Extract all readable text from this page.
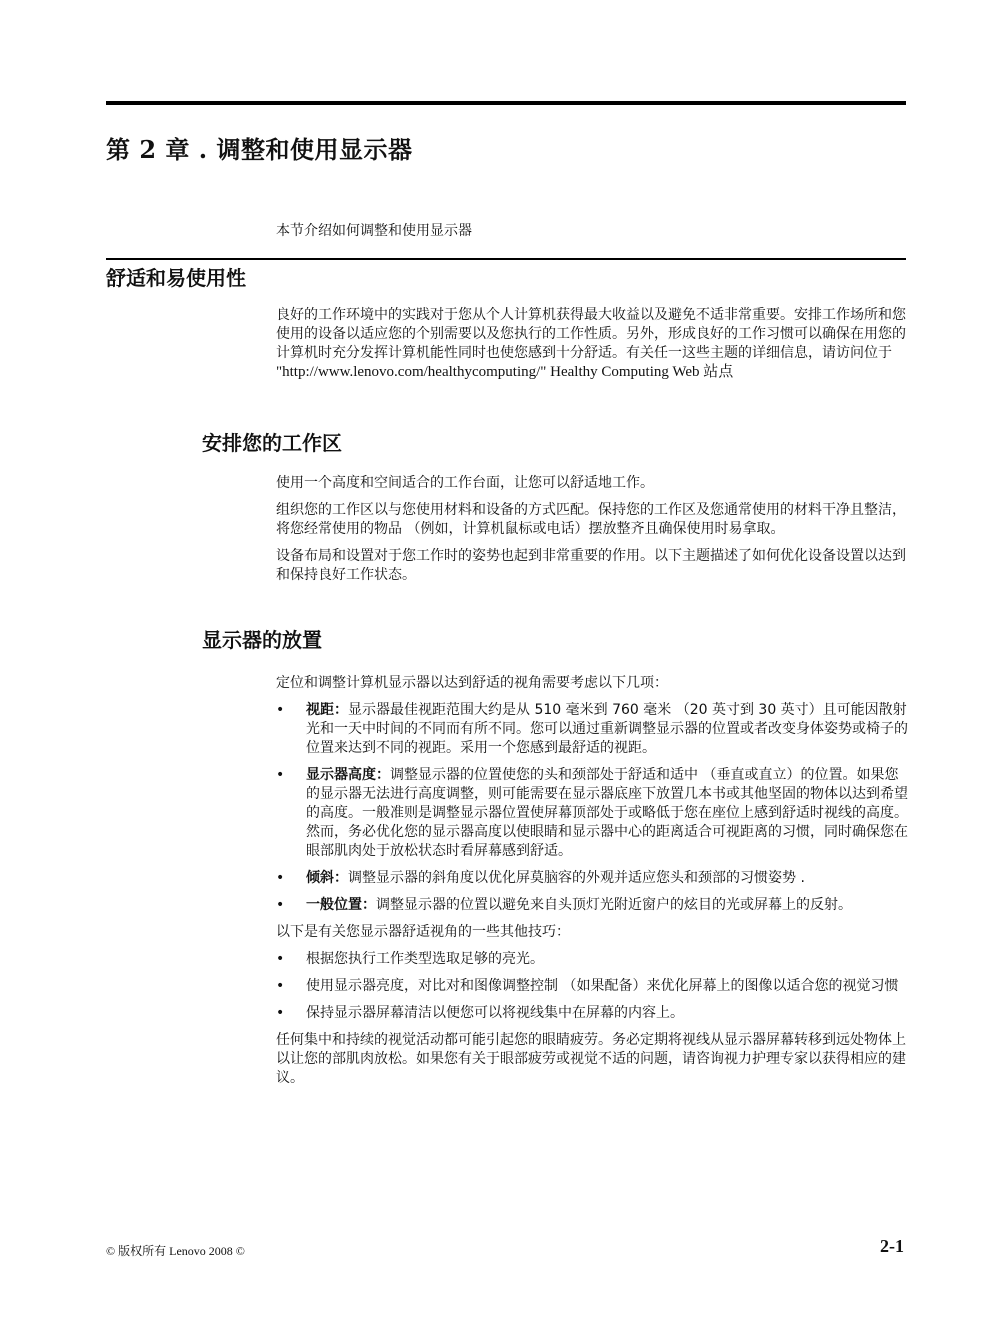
第 2 章 . 调整和使用显示器

本节介绍如何调整和使用显示器

舒适和易使用性

良好的工作环境中的实践对于您从个人计算机获得最大收益以及避免不适非常重要。安排工作场所和您使用的设备以适应您的个别需要以及您执行的工作性质。另外，形成良好的工作习惯可以确保在用您的计算机时充分发挥计算机能性同时也使您感到十分舒适。有关任一这些主题的详细信息，请访问位于

"http://www.lenovo.com/healthycomputing/" Healthy Computing Web 站点

安排您的工作区

使用一个高度和空间适合的工作台面，让您可以舒适地工作。

组织您的工作区以与您使用材料和设备的方式匹配。保持您的工作区及您通常使用的材料干净且整洁，将您经常使用的物品 （例如，计算机鼠标或电话）摆放整齐且确保使用时易拿取。

设备布局和设置对于您工作时的姿势也起到非常重要的作用。以下主题描述了如何优化设备设置以达到和保持良好工作状态。

显示器的放置

定位和调整计算机显示器以达到舒适的视角需要考虑以下几项：

• 视距：显示器最佳视距范围大约是从 510 毫米到 760 毫米 （20 英寸到 30 英寸）且可能因散射光和一天中时间的不同而有所不同。您可以通过重新调整显示器的位置或者改变身体姿势或椅子的位置来达到不同的视距。采用一个您感到最舒适的视距。
• 显示器高度：调整显示器的位置使您的头和颈部处于舒适和适中 （垂直或直立）的位置。如果您的显示器无法进行高度调整，则可能需要在显示器底座下放置几本书或其他坚固的物体以达到希望的高度。一般准则是调整显示器位置使屏幕顶部处于或略低于您在座位上感到舒适时视线的高度。然而，务必优化您的显示器高度以使眼睛和显示器中心的距离适合可视距离的习惯，同时确保您在眼部肌肉处于放松状态时看屏幕感到舒适。
• 倾斜：调整显示器的斜角度以优化屏莫脑容的外观并适应您头和颈部的习惯姿势 .
• 一般位置：调整显示器的位置以避免来自头顶灯光附近窗户的炫目的光或屏幕上的反射。

以下是有关您显示器舒适视角的一些其他技巧：

• 根据您执行工作类型选取足够的亮光。
• 使用显示器亮度，对比对和图像调整控制 （如果配备）来优化屏幕上的图像以适合您的视觉习惯
• 保持显示器屏幕清洁以便您可以将视线集中在屏幕的内容上。

任何集中和持续的视觉活动都可能引起您的眼睛疲劳。务必定期将视线从显示器屏幕转移到远处物体上以让您的部肌肉放松。如果您有关于眼部疲劳或视觉不适的问题，请咨询视力护理专家以获得相应的建议。

© 版权所有 Lenovo 2008 ©	2-1
